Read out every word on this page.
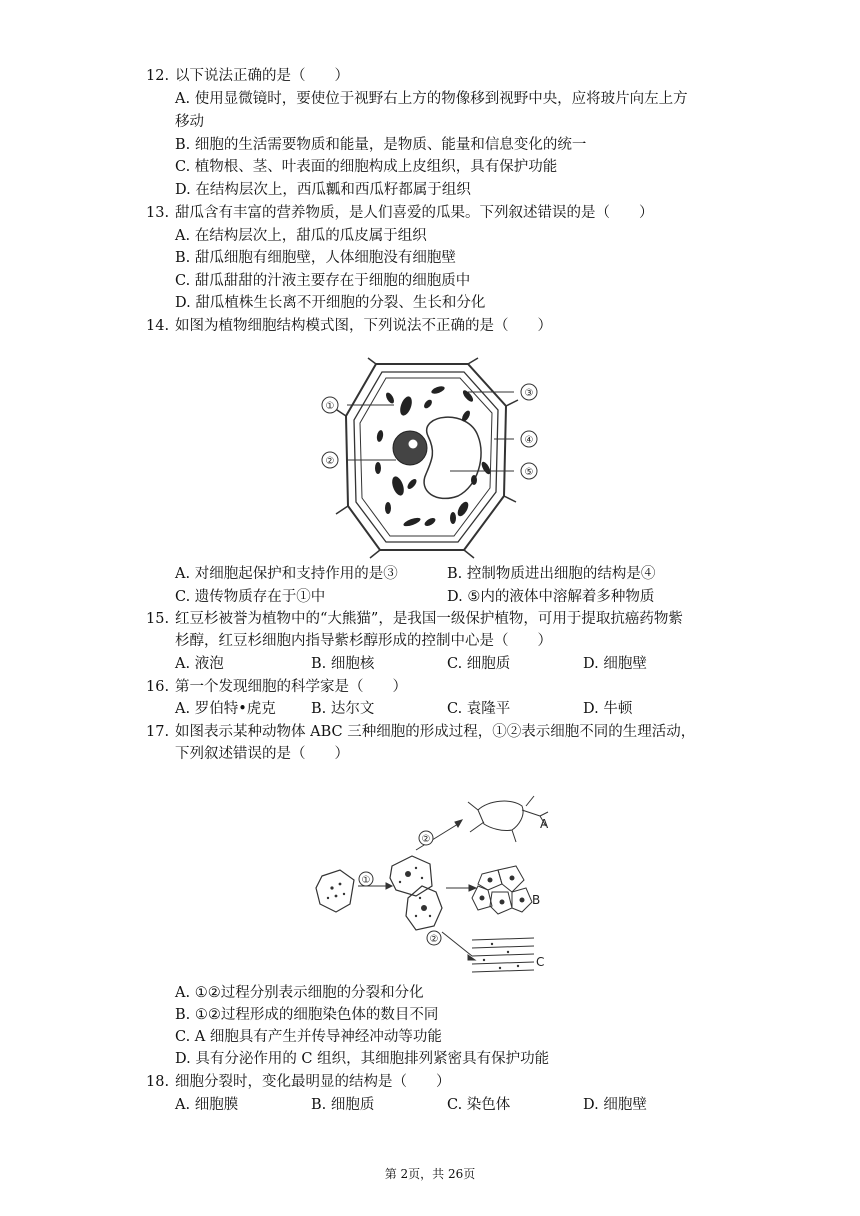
12. 以下说法正确的是（　　）
A. 使用显微镜时，要使位于视野右上方的物像移到视野中央，应将玻片向左上方
移动
B. 细胞的生活需要物质和能量，是物质、能量和信息变化的统一
C. 植物根、茎、叶表面的细胞构成上皮组织，具有保护功能
D. 在结构层次上，西瓜瓤和西瓜籽都属于组织
13. 甜瓜含有丰富的营养物质，是人们喜爱的瓜果。下列叙述错误的是（　　）
A. 在结构层次上，甜瓜的瓜皮属于组织
B. 甜瓜细胞有细胞壁，人体细胞没有细胞壁
C. 甜瓜甜甜的汁液主要存在于细胞的细胞质中
D. 甜瓜植株生长离不开细胞的分裂、生长和分化
14. 如图为植物细胞结构模式图，下列说法不正确的是（　　）
①
②
③
④
⑤
A. 对细胞起保护和支持作用的是③	B. 控制物质进出细胞的结构是④
C. 遗传物质存在于①中	D. ⑤内的液体中溶解着多种物质
15. 红豆杉被誉为植物中的“大熊猫”，是我国一级保护植物，可用于提取抗癌药物紫
杉醇，红豆杉细胞内指导紫杉醇形成的控制中心是（　　）
A. 液泡	B. 细胞核	C. 细胞质	D. 细胞壁
16. 第一个发现细胞的科学家是（　　）
A. 罗伯特•虎克 B. 达尔文	C. 袁隆平	D. 牛顿
17. 如图表示某种动物体 ABC 三种细胞的形成过程，①②表示细胞不同的生理活动，
下列叙述错误的是（　　）
①
②
②
A
B
C
A. ①②过程分别表示细胞的分裂和分化
B. ①②过程形成的细胞染色体的数目不同
C. A 细胞具有产生并传导神经冲动等功能
D. 具有分泌作用的 C 组织，其细胞排列紧密具有保护功能
18. 细胞分裂时，变化最明显的结构是（　　）
A. 细胞膜	B. 细胞质	C. 染色体	D. 细胞壁
第 2页，共 26页
